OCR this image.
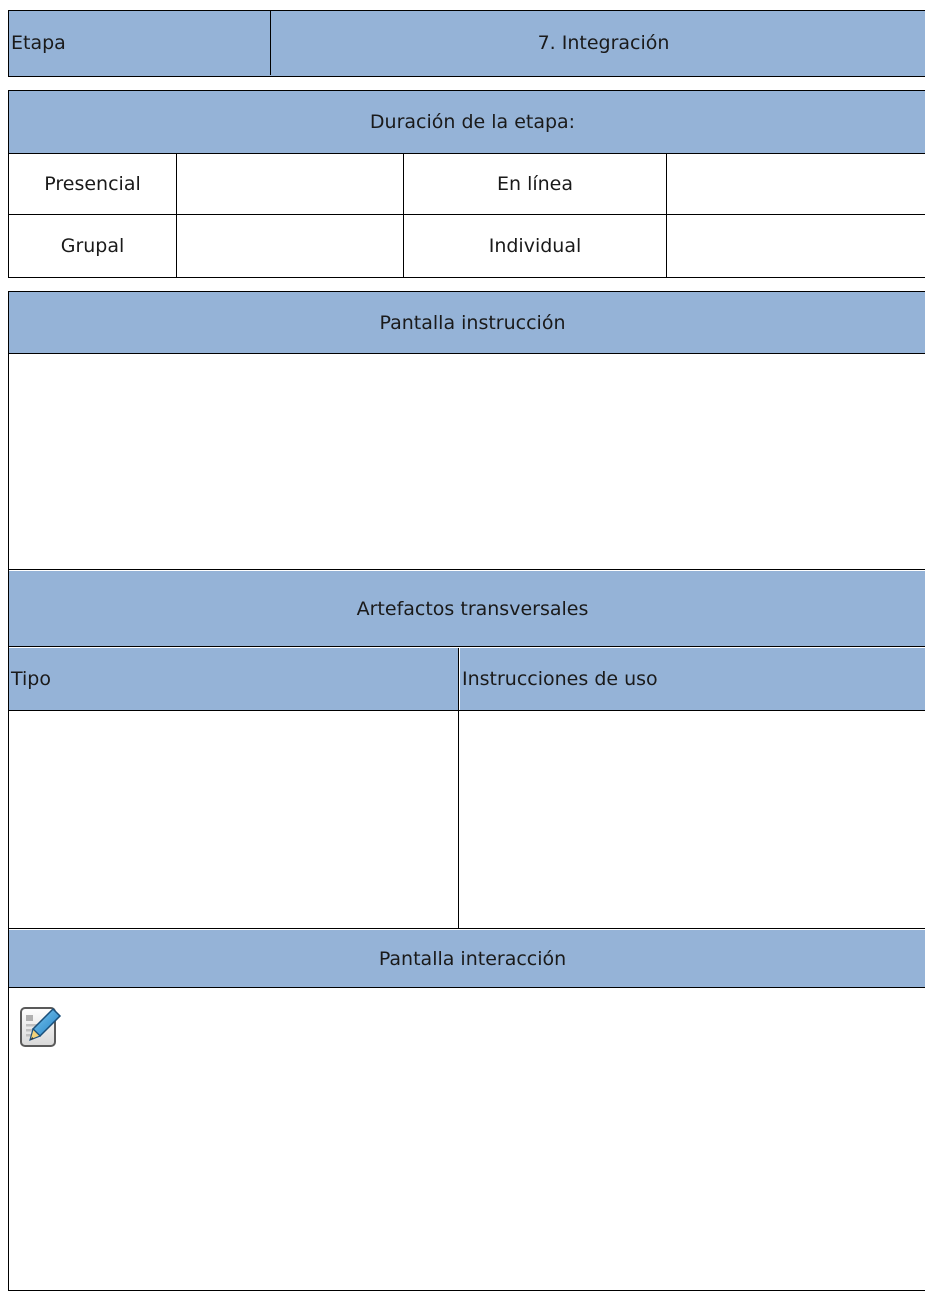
Etapa	7. Integración
Duración de la etapa:
Presencial	En línea
Grupal	Individual
Pantalla instrucción
Artefactos transversales
Tipo	Instrucciones de uso
Pantalla interacción
